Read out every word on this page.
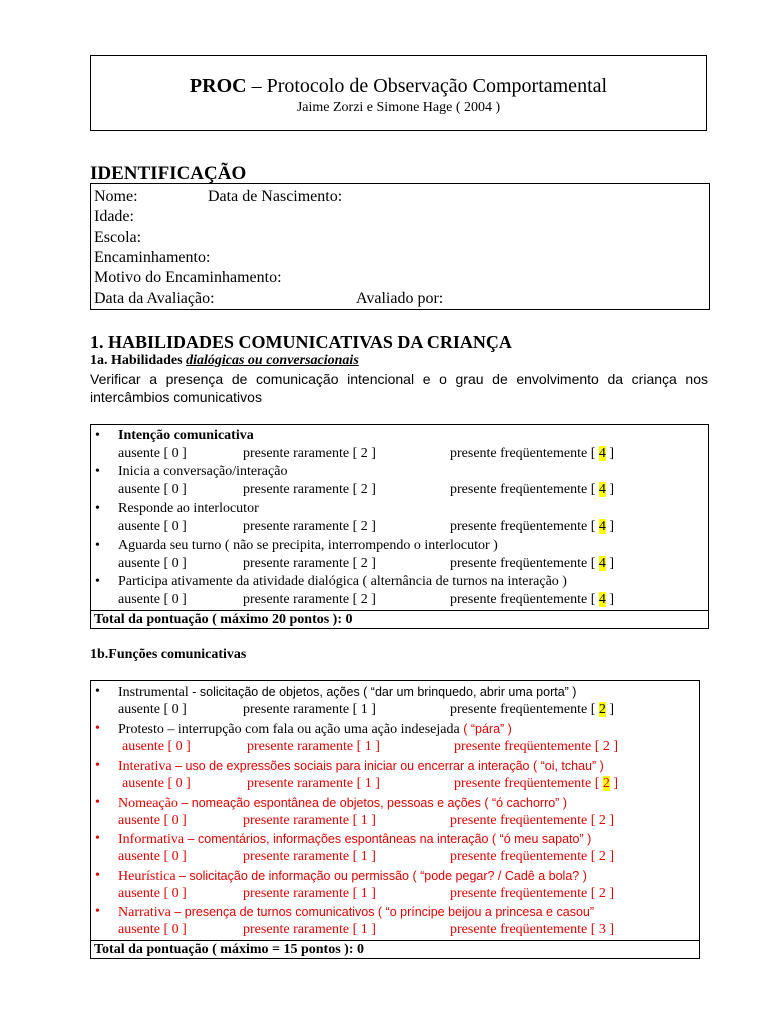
PROC – Protocolo de Observação Comportamental
Jaime Zorzi e Simone Hage ( 2004 )
IDENTIFICAÇÃO
Nome:	Data de Nascimento:
Idade:
Escola:
Encaminhamento:
Motivo do Encaminhamento:
Data da Avaliação:	Avaliado por:
1. HABILIDADES COMUNICATIVAS DA CRIANÇA
1a. Habilidades dialógicas ou conversacionais
Verificar a presença de comunicação intencional e o grau de envolvimento da criança nos intercâmbios comunicativos
• Intenção comunicativa
ausente [ 0 ]	presente raramente [ 2 ]	presente freqüentemente [ 4 ]
• Inicia a conversação/interação
ausente [ 0 ]	presente raramente [ 2 ]	presente freqüentemente [ 4 ]
• Responde ao interlocutor
ausente [ 0 ]	presente raramente [ 2 ]	presente freqüentemente [ 4 ]
• Aguarda seu turno ( não se precipita, interrompendo o interlocutor )
ausente [ 0 ]	presente raramente [ 2 ]	presente freqüentemente [ 4 ]
• Participa ativamente da atividade dialógica ( alternância de turnos na interação )
ausente [ 0 ]	presente raramente [ 2 ]	presente freqüentemente [ 4 ]
Total da pontuação ( máximo 20 pontos ): 0
1b.Funções comunicativas
• Instrumental - solicitação de objetos, ações ( “dar um brinquedo, abrir uma porta” )
ausente [ 0 ]	presente raramente [ 1 ]	presente freqüentemente [ 2 ]
• Protesto – interrupção com fala ou ação uma ação indesejada ( “pára” )
ausente [ 0 ]	presente raramente [ 1 ]	presente freqüentemente [ 2 ]
• Interativa – uso de expressões sociais para iniciar ou encerrar a interação ( “oi, tchau” )
ausente [ 0 ]	presente raramente [ 1 ]	presente freqüentemente [ 2 ]
• Nomeação – nomeação espontânea de objetos, pessoas e ações ( “ó cachorro” )
ausente [ 0 ]	presente raramente [ 1 ]	presente freqüentemente [ 2 ]
• Informativa – comentários, informações espontâneas na interação ( “ó meu sapato” )
ausente [ 0 ]	presente raramente [ 1 ]	presente freqüentemente [ 2 ]
• Heurística – solicitação de informação ou permissão ( “pode pegar? / Cadê a bola? )
ausente [ 0 ]	presente raramente [ 1 ]	presente freqüentemente [ 2 ]
• Narrativa – presença de turnos comunicativos ( “o príncipe beijou a princesa e casou”
ausente [ 0 ]	presente raramente [ 1 ]	presente freqüentemente [ 3 ]
Total da pontuação ( máximo = 15 pontos ): 0
